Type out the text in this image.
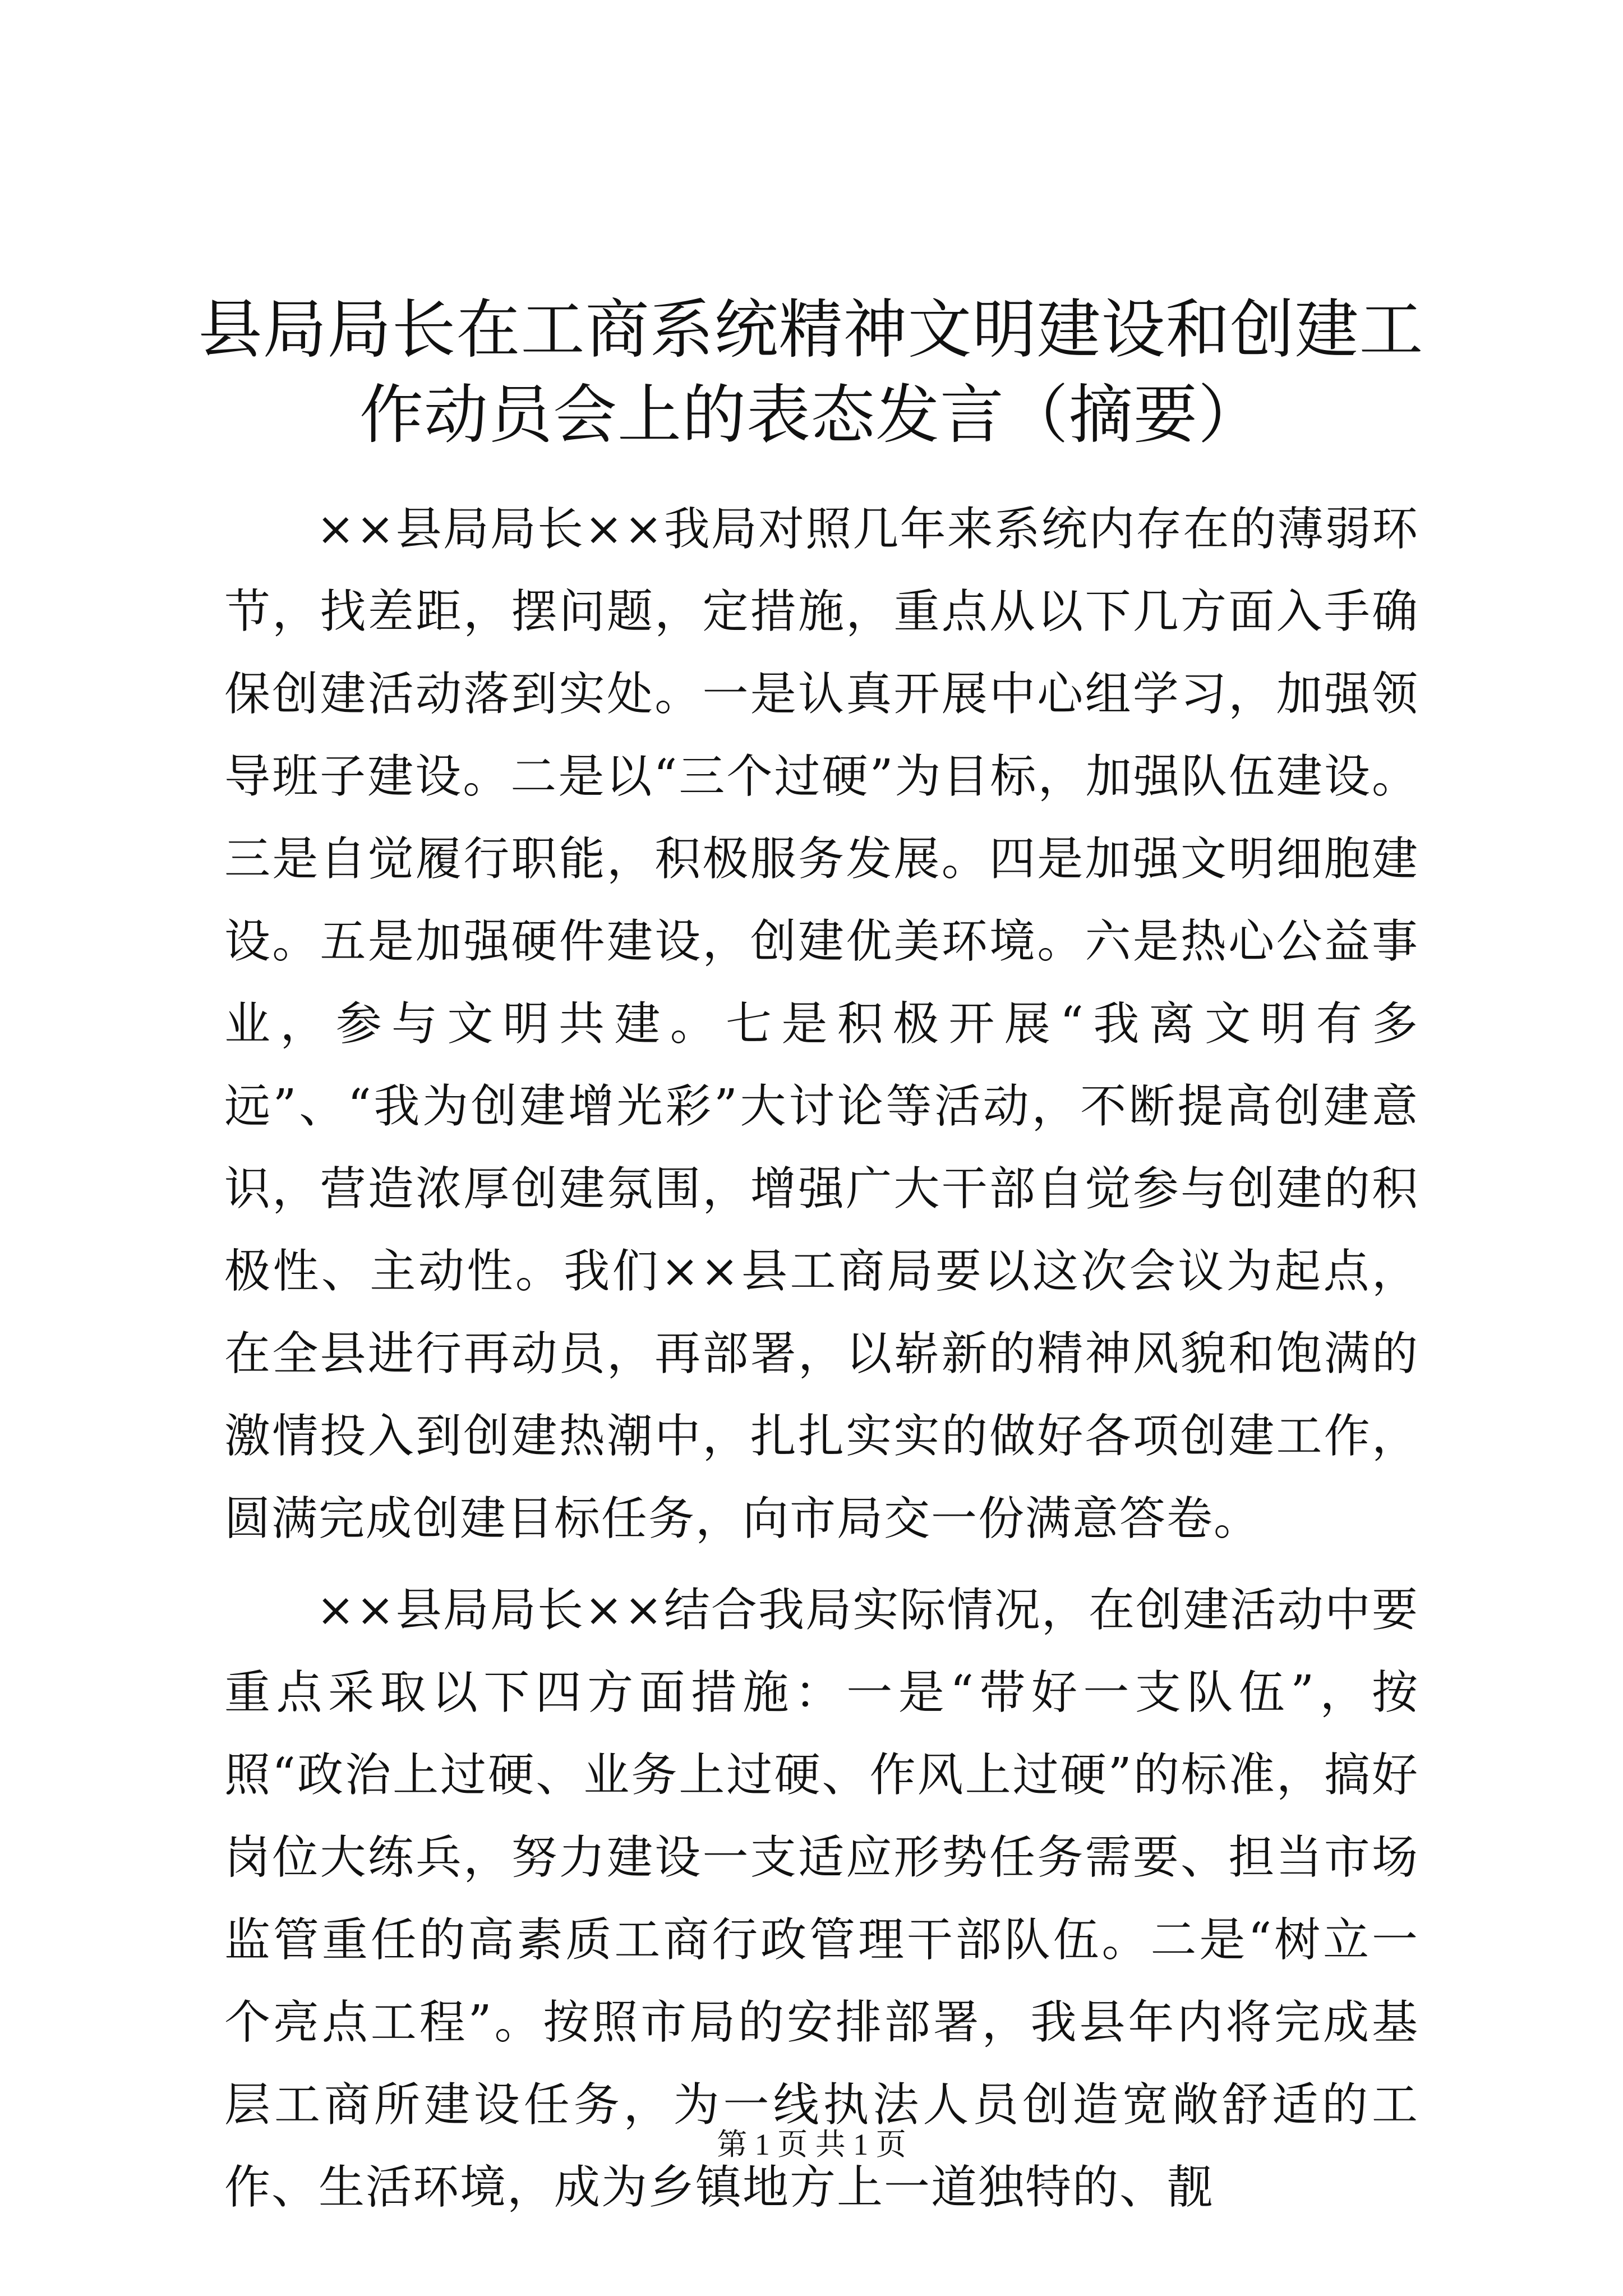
县局局长在工商系统精神文明建设和创建工作动员会上的表态发言（摘要）

××县局局长××我局对照几年来系统内存在的薄弱环节，找差距，摆问题，定措施，重点从以下几方面入手确保创建活动落到实处。一是认真开展中心组学习，加强领导班子建设。二是以“三个过硬”为目标，加强队伍建设。三是自觉履行职能，积极服务发展。四是加强文明细胞建设。五是加强硬件建设，创建优美环境。六是热心公益事业，参与文明共建。七是积极开展“我离文明有多远”、“我为创建增光彩”大讨论等活动，不断提高创建意识，营造浓厚创建氛围，增强广大干部自觉参与创建的积极性、主动性。我们××县工商局要以这次会议为起点，在全县进行再动员，再部署，以崭新的精神风貌和饱满的激情投入到创建热潮中，扎扎实实的做好各项创建工作，圆满完成创建目标任务，向市局交一份满意答卷。

××县局局长××结合我局实际情况，在创建活动中要重点采取以下四方面措施：一是“带好一支队伍”，按照“政治上过硬、业务上过硬、作风上过硬”的标准，搞好岗位大练兵，努力建设一支适应形势任务需要、担当市场监管重任的高素质工商行政管理干部队伍。二是“树立一个亮点工程”。按照市局的安排部署，我县年内将完成基层工商所建设任务，为一线执法人员创造宽敞舒适的工作、生活环境，成为乡镇地方上一道独特的、靓

第 1 页 共 1 页
